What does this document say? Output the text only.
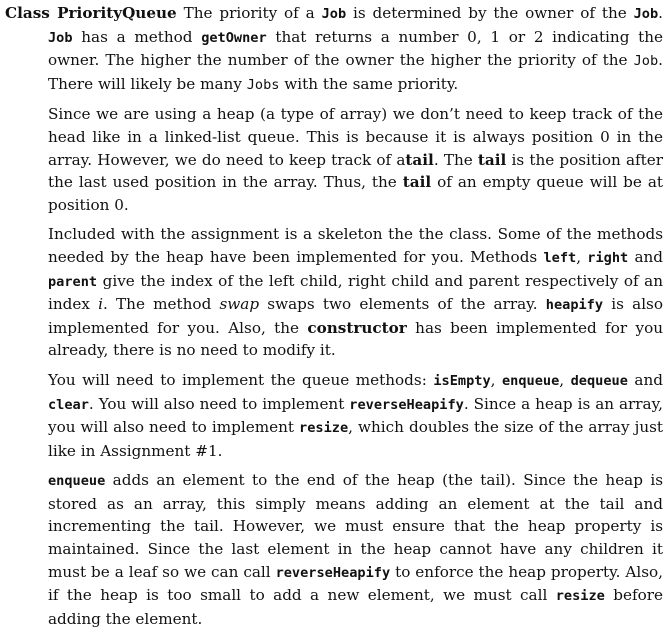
Class PriorityQueue The priority of a Job is determined by the owner of the Job. Job has a method getOwner that returns a number 0, 1 or 2 indicating the owner. The higher the number of the owner the higher the priority of the Job. There will likely be many Jobs with the same priority.

Since we are using a heap (a type of array) we don’t need to keep track of the head like in a linked-list queue. This is because it is always position 0 in the array. However, we do need to keep track of atail. The tail is the position after the last used position in the array. Thus, the tail of an empty queue will be at position 0.

Included with the assignment is a skeleton the the class. Some of the methods needed by the heap have been implemented for you. Methods left, right and parent give the index of the left child, right child and parent respectively of an index i. The method swap swaps two elements of the array. heapify is also implemented for you. Also, the constructor has been implemented for you already, there is no need to modify it.

You will need to implement the queue methods: isEmpty, enqueue, dequeue and clear. You will also need to implement reverseHeapify. Since a heap is an array, you will also need to implement resize, which doubles the size of the array just like in Assignment #1.

enqueue adds an element to the end of the heap (the tail). Since the heap is stored as an array, this simply means adding an element at the tail and incrementing the tail. However, we must ensure that the heap property is maintained. Since the last element in the heap cannot have any children it must be a leaf so we can call reverseHeapify to enforce the heap property. Also, if the heap is too small to add a new element, we must call resize before adding the element.
